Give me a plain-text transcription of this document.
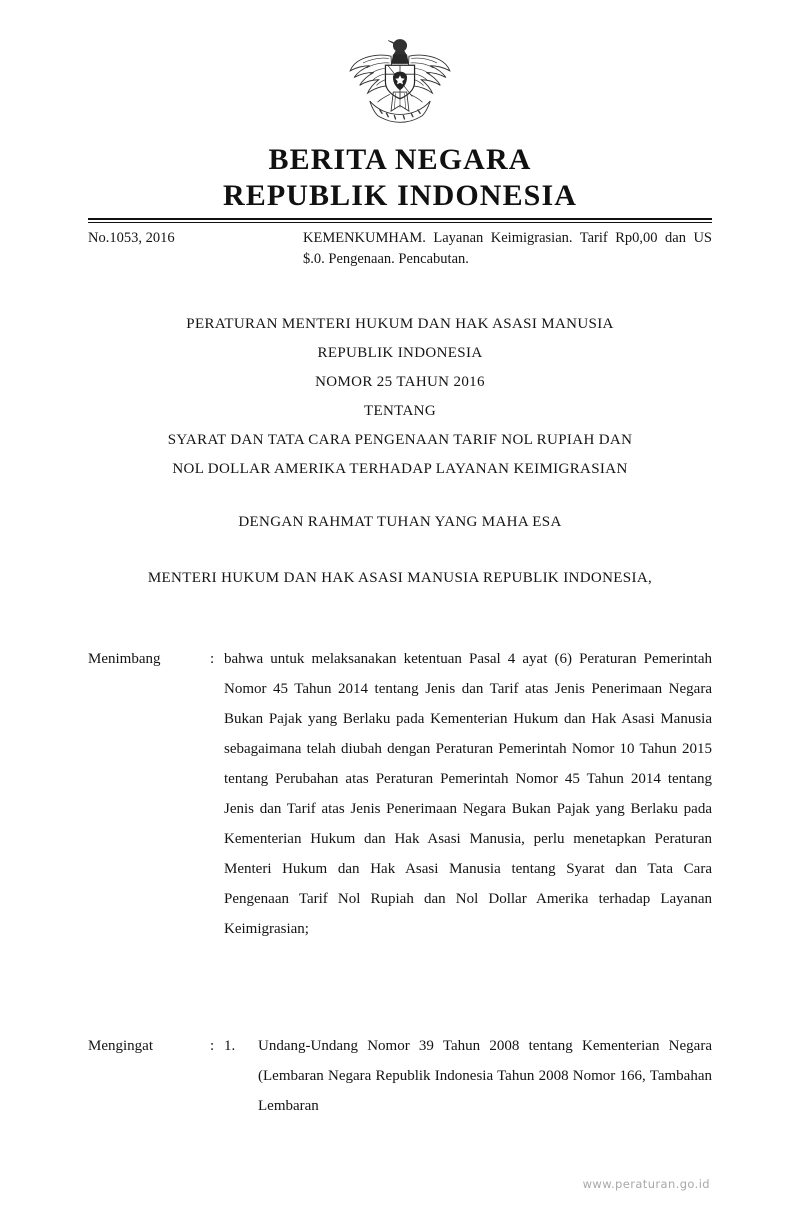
BERITA NEGARA
REPUBLIK INDONESIA
No.1053, 2016	KEMENKUMHAM. Layanan Keimigrasian. Tarif Rp0,00 dan US $.0. Pengenaan. Pencabutan.
PERATURAN MENTERI HUKUM DAN HAK ASASI MANUSIA
REPUBLIK INDONESIA
NOMOR 25 TAHUN 2016
TENTANG
SYARAT DAN TATA CARA PENGENAAN TARIF NOL RUPIAH DAN
NOL DOLLAR AMERIKA TERHADAP LAYANAN KEIMIGRASIAN
DENGAN RAHMAT TUHAN YANG MAHA ESA
MENTERI HUKUM DAN HAK ASASI MANUSIA REPUBLIK INDONESIA,
Menimbang	: bahwa untuk melaksanakan ketentuan Pasal 4 ayat (6) Peraturan Pemerintah Nomor 45 Tahun 2014 tentang Jenis dan Tarif atas Jenis Penerimaan Negara Bukan Pajak yang Berlaku pada Kementerian Hukum dan Hak Asasi Manusia sebagaimana telah diubah dengan Peraturan Pemerintah Nomor 10 Tahun 2015 tentang Perubahan atas Peraturan Pemerintah Nomor 45 Tahun 2014 tentang Jenis dan Tarif atas Jenis Penerimaan Negara Bukan Pajak yang Berlaku pada Kementerian Hukum dan Hak Asasi Manusia, perlu menetapkan Peraturan Menteri Hukum dan Hak Asasi Manusia tentang Syarat dan Tata Cara Pengenaan Tarif Nol Rupiah dan Nol Dollar Amerika terhadap Layanan Keimigrasian;
Mengingat	: 1.	Undang-Undang Nomor 39 Tahun 2008 tentang Kementerian Negara (Lembaran Negara Republik Indonesia Tahun 2008 Nomor 166, Tambahan Lembaran
www.peraturan.go.id
